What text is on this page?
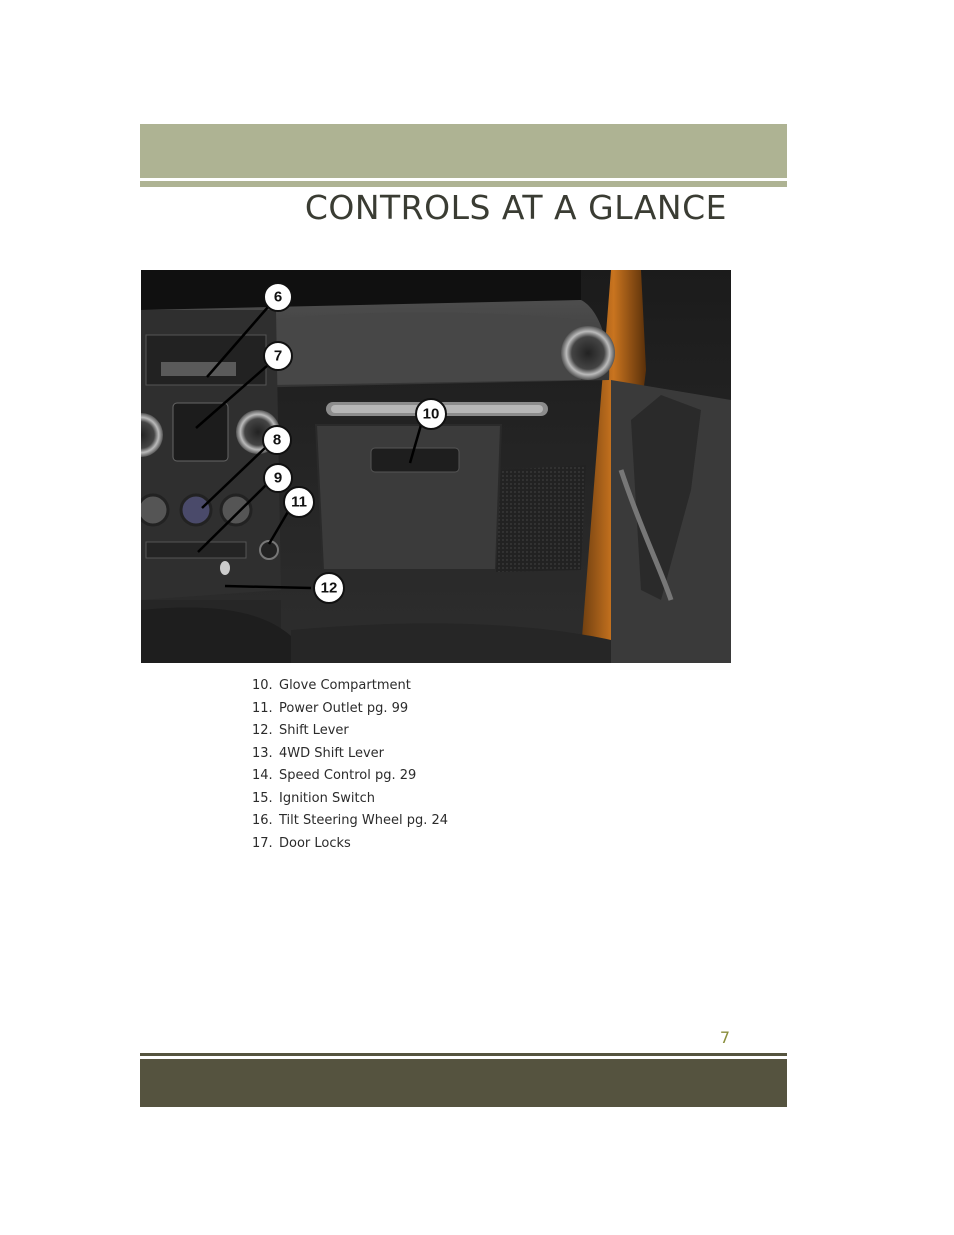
CONTROLS AT A GLANCE
6
7
8
9
10
11
12
10. Glove Compartment
11. Power Outlet pg. 99
12. Shift Lever
13. 4WD Shift Lever
14. Speed Control pg. 29
15. Ignition Switch
16. Tilt Steering Wheel pg. 24
17. Door Locks
7
